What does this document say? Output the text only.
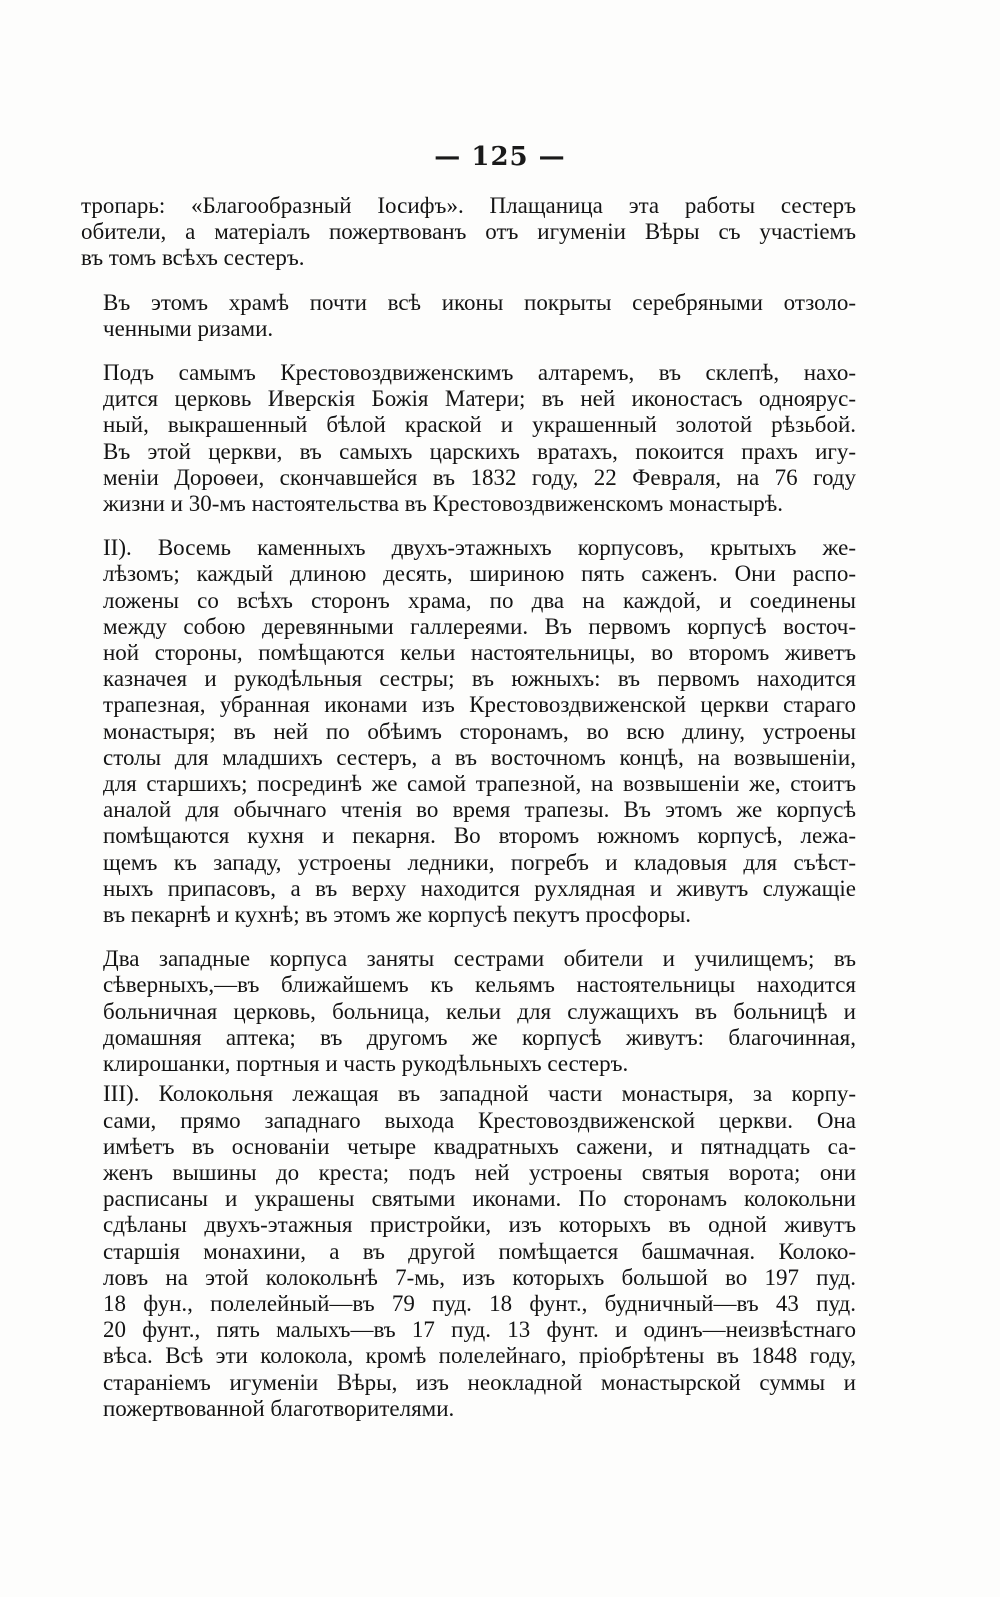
— 125 —
тропарь: «Благообразный Іосифъ». Плащаница эта работы сестеръ
обители, а матеріалъ пожертвованъ отъ игуменіи Вѣры съ участіемъ
въ томъ всѣхъ сестеръ.
Въ этомъ храмѣ почти всѣ иконы покрыты серебряными отзоло-
ченными ризами.
Подъ самымъ Крестовоздвиженскимъ алтаремъ, въ склепѣ, нахо-
дится церковь Иверскія Божія Матери; въ ней иконостасъ одноярус-
ный, выкрашенный бѣлой краской и украшенный золотой рѣзьбой.
Въ этой церкви, въ самыхъ царскихъ вратахъ, покоится прахъ игу-
меніи Дороѳеи, скончавшейся въ 1832 году, 22 Февраля, на 76 году
жизни и 30-мъ настоятельства въ Крестовоздвиженскомъ монастырѣ.
II). Восемь каменныхъ двухъ-этажныхъ корпусовъ, крытыхъ же-
лѣзомъ; каждый длиною десять, шириною пять саженъ. Они распо-
ложены со всѣхъ сторонъ храма, по два на каждой, и соединены
между собою деревянными галлереями. Въ первомъ корпусѣ восточ-
ной стороны, помѣщаются кельи настоятельницы, во второмъ живетъ
казначея и рукодѣльныя сестры; въ южныхъ: въ первомъ находится
трапезная, убранная иконами изъ Крестовоздвиженской церкви стараго
монастыря; въ ней по обѣимъ сторонамъ, во всю длину, устроены
столы для младшихъ сестеръ, а въ восточномъ концѣ, на возвышеніи,
для старшихъ; посрединѣ же самой трапезной, на возвышеніи же, стоитъ
аналой для обычнаго чтенія во время трапезы. Въ этомъ же корпусѣ
помѣщаются кухня и пекарня. Во второмъ южномъ корпусѣ, лежа-
щемъ къ западу, устроены ледники, погребъ и кладовыя для съѣст-
ныхъ припасовъ, а въ верху находится рухлядная и живутъ служащіе
въ пекарнѣ и кухнѣ; въ этомъ же корпусѣ пекутъ просфоры.
Два западные корпуса заняты сестрами обители и училищемъ; въ
сѣверныхъ,—въ ближайшемъ къ кельямъ настоятельницы находится
больничная церковь, больница, кельи для служащихъ въ больницѣ и
домашняя аптека; въ другомъ же корпусѣ живутъ: благочинная,
клирошанки, портныя и часть рукодѣльныхъ сестеръ.
III). Колокольня лежащая въ западной части монастыря, за корпу-
сами, прямо западнаго выхода Крестовоздвиженской церкви. Она
имѣетъ въ основаніи четыре квадратныхъ сажени, и пятнадцать са-
женъ вышины до креста; подъ ней устроены святыя ворота; они
расписаны и украшены святыми иконами. По сторонамъ колокольни
сдѣланы двухъ-этажныя пристройки, изъ которыхъ въ одной живутъ
старшія монахини, а въ другой помѣщается башмачная. Колоко-
ловъ на этой колокольнѣ 7-мь, изъ которыхъ большой во 197 пуд.
18 фун., полелейный—въ 79 пуд. 18 фунт., будничный—въ 43 пуд.
20 фунт., пять малыхъ—въ 17 пуд. 13 фунт. и одинъ—неизвѣстнаго
вѣса. Всѣ эти колокола, кромѣ полелейнаго, пріобрѣтены въ 1848 году,
стараніемъ игуменіи Вѣры, изъ неокладной монастырской суммы и
пожертвованной благотворителями.
